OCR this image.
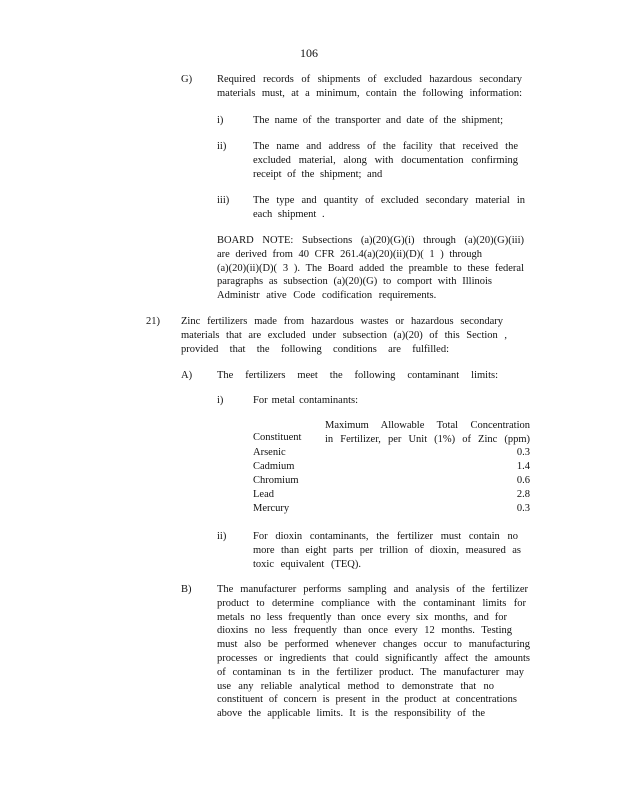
106
G) Required records of shipments of excluded hazardous secondary
materials must, at a minimum, contain the following information:
i)	The name of the transporter and date of the shipment;
ii)	The name and address of the facility that received the
excluded material, along with documentation confirming
receipt of the shipment; and
iii) The type and quantity of excluded secondary material in
each shipment .
BOARD NOTE: Subsections (a)(20)(G)(i) through (a)(20)(G)(iii)
are derived from 40 CFR 261.4(a)(20)(ii)(D)( 1 ) through
(a)(20)(ii)(D)( 3 ). The Board added the preamble to these federal
paragraphs as subsection (a)(20)(G) to comport with Illinois
Administr ative Code codification requirements.
21) Zinc fertilizers made from hazardous wastes or hazardous secondary
materials that are excluded under subsection (a)(20) of this Section ,
provided that the following conditions are fulfilled:
A) The fertilizers meet the following contaminant limits:
i)	For metal contaminants:
Maximum Allowable Total Concentration
in Fertilizer, per Unit (1%) of Zinc (ppm)
Constituent
Arsenic	0.3
Cadmium	1.4
Chromium	0.6
Lead	2.8
Mercury	0.3
ii)	For dioxin contaminants, the fertilizer must contain no
more than eight parts per trillion of dioxin, measured as
toxic equivalent (TEQ).
B) The manufacturer performs sampling and analysis of the fertilizer
product to determine compliance with the contaminant limits for
metals no less frequently than once every six months, and for
dioxins no less frequently than once every 12 months. Testing
must also be performed whenever changes occur to manufacturing
processes or ingredients that could significantly affect the amounts
of contaminan ts in the fertilizer product. The manufacturer may
use any reliable analytical method to demonstrate that no
constituent of concern is present in the product at concentrations
above the applicable limits. It is the responsibility of the
